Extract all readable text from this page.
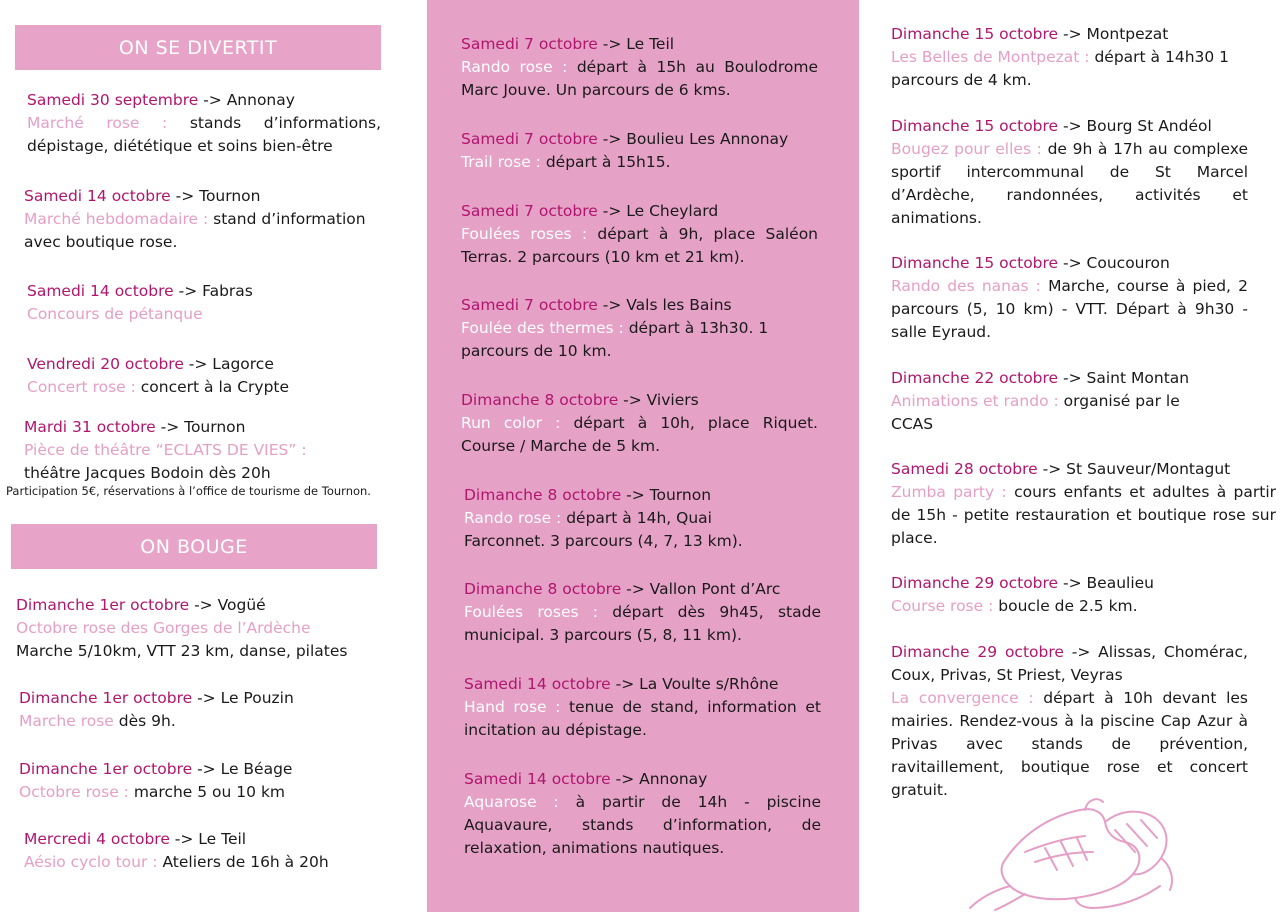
ON SE DIVERTIT
Samedi 30 septembre -> Annonay
Marché rose : stands d’informations, dépistage, diététique et soins bien-être
Samedi 14 octobre -> Tournon
Marché hebdomadaire : stand d’information avec boutique rose.
Samedi 14 octobre -> Fabras
Concours de pétanque
Vendredi 20 octobre -> Lagorce
Concert rose : concert à la Crypte
Mardi 31 octobre -> Tournon
Pièce de théâtre “ECLATS DE VIES” :
théâtre Jacques Bodoin dès 20h
Participation 5€, réservations à l’office de tourisme de Tournon.
ON BOUGE
Dimanche 1er octobre -> Vogüé
Octobre rose des Gorges de l’Ardèche
Marche 5/10km, VTT 23 km, danse, pilates
Dimanche 1er octobre -> Le Pouzin
Marche rose dès 9h.
Dimanche 1er octobre -> Le Béage
Octobre rose : marche 5 ou 10 km
Mercredi 4 octobre -> Le Teil
Aésio cyclo tour : Ateliers de 16h à 20h
Samedi 7 octobre -> Le Teil
Rando rose : départ à 15h au Boulodrome Marc Jouve. Un parcours de 6 kms.
Samedi 7 octobre -> Boulieu Les Annonay
Trail rose : départ à 15h15.
Samedi 7 octobre -> Le Cheylard
Foulées roses : départ à 9h, place Saléon Terras. 2 parcours (10 km et 21 km).
Samedi 7 octobre -> Vals les Bains
Foulée des thermes : départ à 13h30. 1 parcours de 10 km.
Dimanche 8 octobre -> Viviers
Run color : départ à 10h, place Riquet. Course / Marche de 5 km.
Dimanche 8 octobre -> Tournon
Rando rose : départ à 14h, Quai Farconnet. 3 parcours (4, 7, 13 km).
Dimanche 8 octobre -> Vallon Pont d’Arc
Foulées roses : départ dès 9h45, stade municipal. 3 parcours (5, 8, 11 km).
Samedi 14 octobre -> La Voulte s/Rhône
Hand rose : tenue de stand, information et incitation au dépistage.
Samedi 14 octobre -> Annonay
Aquarose : à partir de 14h - piscine Aquavaure, stands d’information, de relaxation, animations nautiques.
Dimanche 15 octobre -> Montpezat
Les Belles de Montpezat : départ à 14h30 1 parcours de 4 km.
Dimanche 15 octobre -> Bourg St Andéol
Bougez pour elles : de 9h à 17h au complexe sportif intercommunal de St Marcel d’Ardèche, randonnées, activités et animations.
Dimanche 15 octobre -> Coucouron
Rando des nanas : Marche, course à pied, 2 parcours (5, 10 km) - VTT. Départ à 9h30 - salle Eyraud.
Dimanche 22 octobre -> Saint Montan
Animations et rando : organisé par le CCAS
Samedi 28 octobre -> St Sauveur/Montagut
Zumba party : cours enfants et adultes à partir de 15h - petite restauration et boutique rose sur place.
Dimanche 29 octobre -> Beaulieu
Course rose : boucle de 2.5 km.
Dimanche 29 octobre -> Alissas, Chomérac, Coux, Privas, St Priest, Veyras
La convergence : départ à 10h devant les mairies. Rendez-vous à la piscine Cap Azur à Privas avec stands de prévention, ravitaillement, boutique rose et concert gratuit.
